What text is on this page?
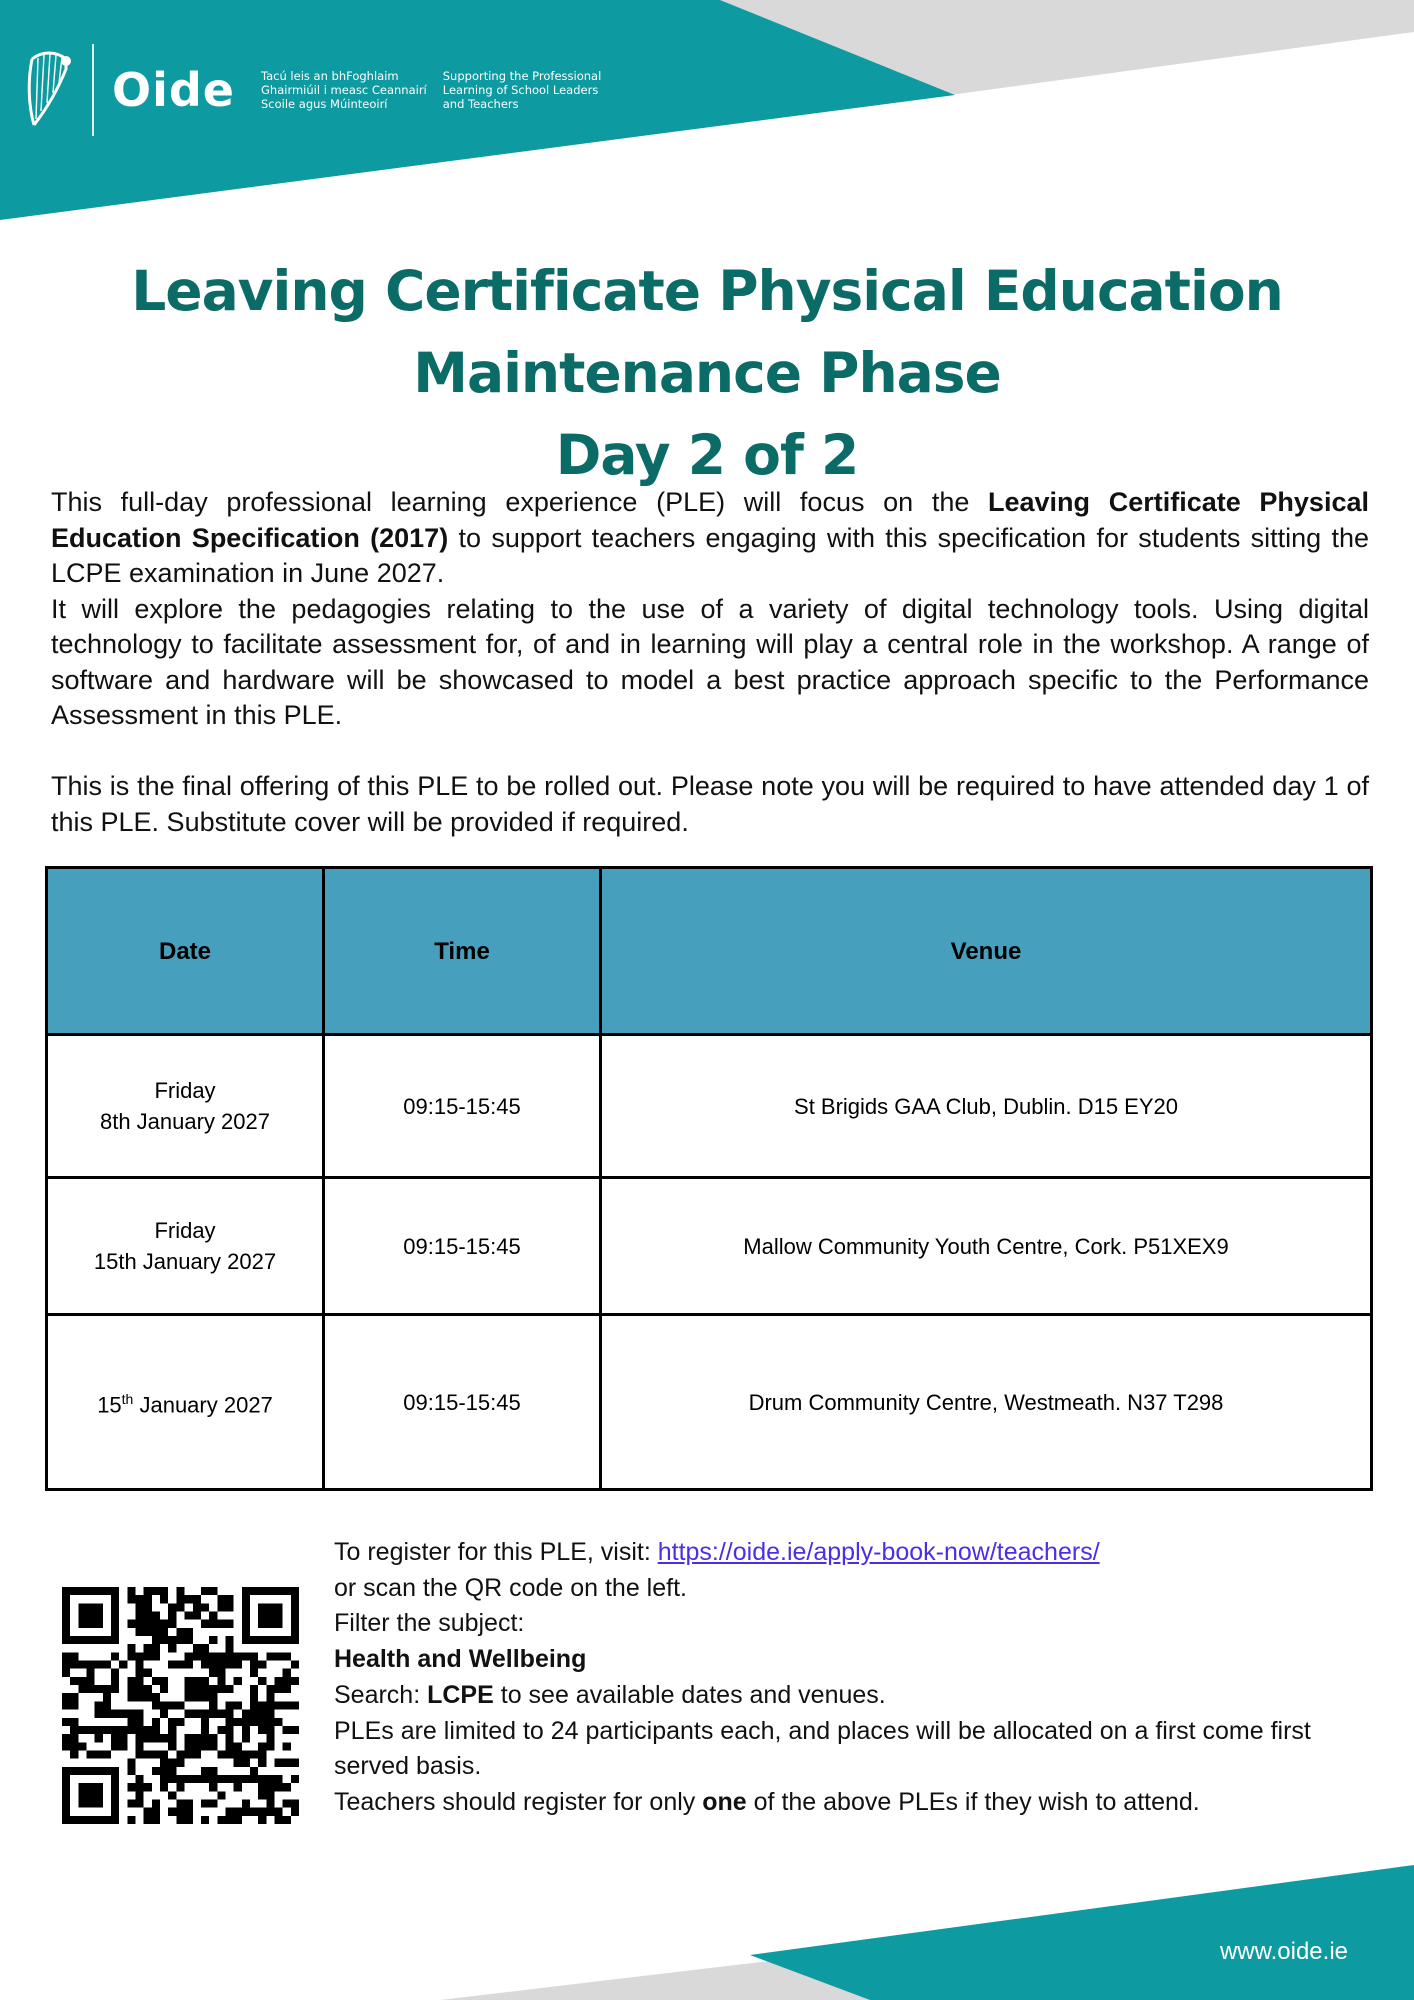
Oide Tacú leis an bhFoghlaim
Ghairmiúil i measc Ceannairí
Scoile agus Múinteoirí
Supporting the Professional
Learning of School Leaders
and Teachers
Leaving Certificate Physical Education
Maintenance Phase
Day 2 of 2

This full-day professional learning experience (PLE) will focus on the Leaving Certificate Physical Education Specification (2017) to support teachers engaging with this specification for students sitting the LCPE examination in June 2027.

It will explore the pedagogies relating to the use of a variety of digital technology tools. Using digital technology to facilitate assessment for, of and in learning will play a central role in the workshop. A range of software and hardware will be showcased to model a best practice approach specific to the Performance Assessment in this PLE.

This is the final offering of this PLE to be rolled out. Please note you will be required to have attended day 1 of this PLE. Substitute cover will be provided if required.

Date	Time	Venue

Friday
8th January 2027	09:15-15:45	St Brigids GAA Club, Dublin. D15 EY20

Friday
15th January 2027	09:15-15:45	Mallow Community Youth Centre, Cork. P51XEX9
15th January 2027	09:15-15:45	Drum Community Centre, Westmeath. N37 T298

To register for this PLE, visit: https://oide.ie/apply-book-now/teachers/

or scan the QR code on the left.

Filter the subject:

Health and Wellbeing

Search: LCPE to see available dates and venues.

PLEs are limited to 24 participants each, and places will be allocated on a first come first served basis.

Teachers should register for only one of the above PLEs if they wish to attend.

www.oide.ie
